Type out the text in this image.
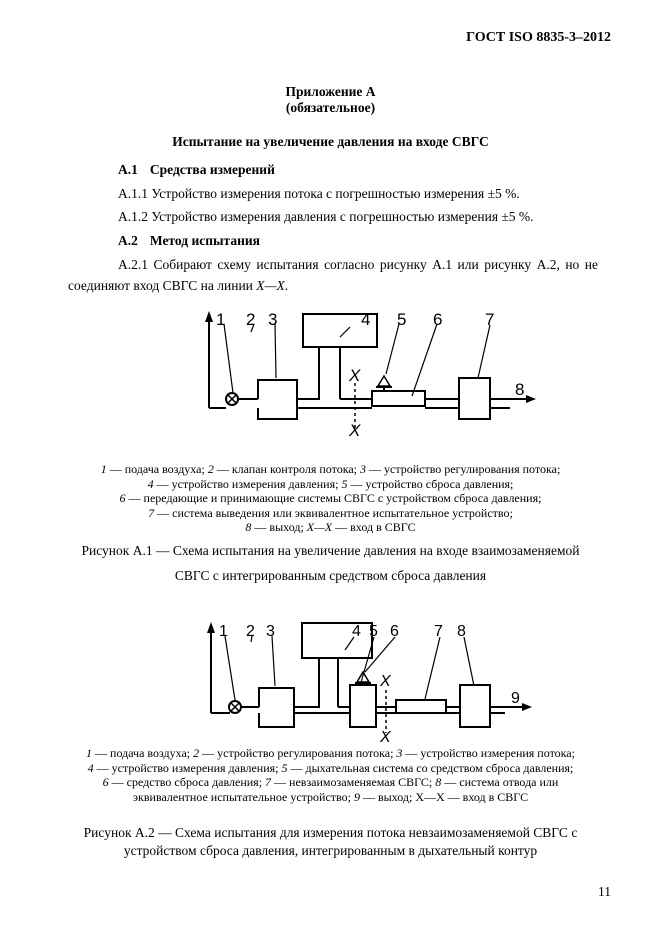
ГОСТ ISO 8835-3–2012
Приложение А
(обязательное)
Испытание на увеличение давления на входе СВГС
А.1 Средства измерений
А.1.1 Устройство измерения потока с погрешностью измерения ±5 %.
А.1.2 Устройство измерения давления с погрешностью измерения ±5 %.
А.2 Метод испытания
А.2.1 Собирают схему испытания согласно рисунку А.1 или рисунку А.2, но не
соединяют вход СВГС на линии X—X.
1 2 3	4 5 6	7
8
X
X
1 — подача воздуха; 2 — клапан контроля потока; 3 — устройство регулирования потока;
4 — устройство измерения давления; 5 — устройство сброса давления;
6 — передающие и принимающие системы СВГС с устройством сброса давления;
7 — система выведения или эквивалентное испытательное устройство;
8 — выход; X—X — вход в СВГС
Рисунок А.1 — Схема испытания на увеличение давления на входе взаимозаменяемой
СВГС с интегрированным средством сброса давления
1 2 3	4 5 6 7 8
9
X
X
1 — подача воздуха; 2 — устройство регулирования потока; 3 — устройство измерения потока;
4 — устройство измерения давления; 5 — дыхательная система со средством сброса давления;
6 — средство сброса давления; 7 — невзаимозаменяемая СВГС; 8 — система отвода или
эквивалентное испытательное устройство; 9 — выход; Х—Х — вход в СВГС
Рисунок А.2 — Схема испытания для измерения потока невзаимозаменяемой СВГС с
устройством сброса давления, интегрированным в дыхательный контур
11
